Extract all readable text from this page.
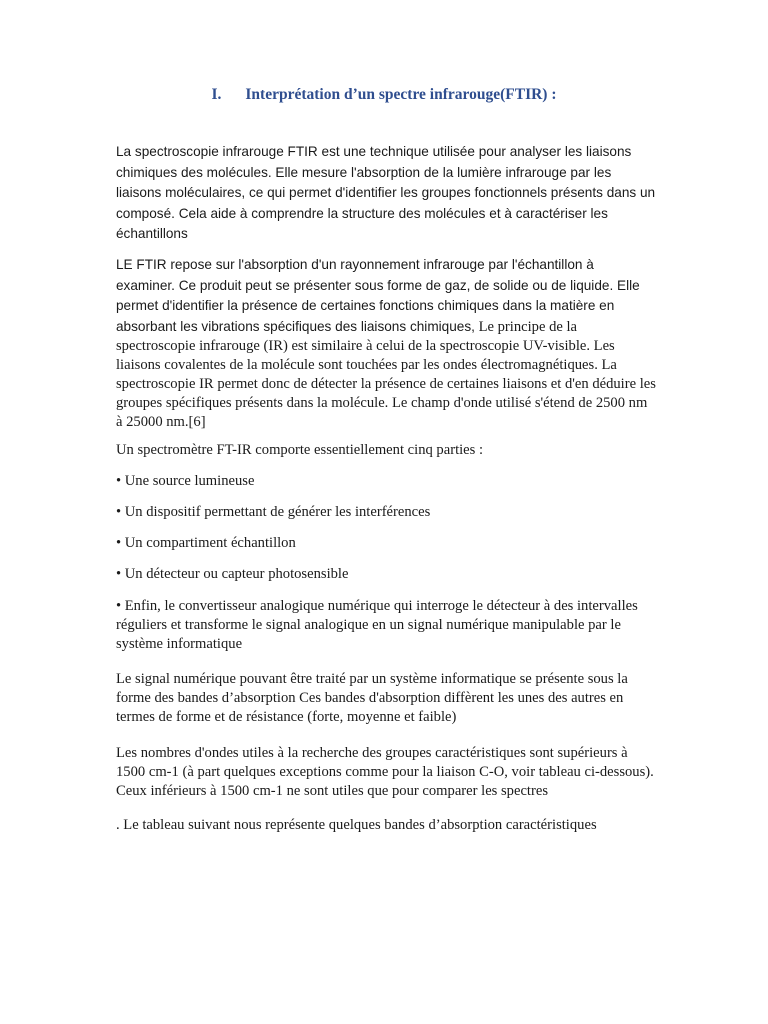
I. Interprétation d’un spectre infrarouge(FTIR) :

La spectroscopie infrarouge FTIR est une technique utilisée pour analyser les liaisons chimiques des molécules. Elle mesure l'absorption de la lumière infrarouge par les liaisons moléculaires, ce qui permet d'identifier les groupes fonctionnels présents dans un composé. Cela aide à comprendre la structure des molécules et à caractériser les échantillons

LE FTIR repose sur l'absorption d'un rayonnement infrarouge par l'échantillon à examiner. Ce produit peut se présenter sous forme de gaz, de solide ou de liquide. Elle permet d'identifier la présence de certaines fonctions chimiques dans la matière en absorbant les vibrations spécifiques des liaisons chimiques, Le principe de la spectroscopie infrarouge (IR) est similaire à celui de la spectroscopie UV-visible. Les liaisons covalentes de la molécule sont touchées par les ondes électromagnétiques. La spectroscopie IR permet donc de détecter la présence de certaines liaisons et d'en déduire les groupes spécifiques présents dans la molécule. Le champ d'onde utilisé s'étend de 2500 nm à 25000 nm.[6]

Un spectromètre FT-IR comporte essentiellement cinq parties :

• Une source lumineuse

• Un dispositif permettant de générer les interférences

• Un compartiment échantillon

• Un détecteur ou capteur photosensible

• Enfin, le convertisseur analogique numérique qui interroge le détecteur à des intervalles réguliers et transforme le signal analogique en un signal numérique manipulable par le système informatique

Le signal numérique pouvant être traité par un système informatique se présente sous la forme des bandes d’absorption Ces bandes d'absorption diffèrent les unes des autres en termes de forme et de résistance (forte, moyenne et faible)

Les nombres d'ondes utiles à la recherche des groupes caractéristiques sont supérieurs à 1500 cm-1 (à part quelques exceptions comme pour la liaison C-O, voir tableau ci-dessous). Ceux inférieurs à 1500 cm-1 ne sont utiles que pour comparer les spectres

. Le tableau suivant nous représente quelques bandes d’absorption caractéristiques
